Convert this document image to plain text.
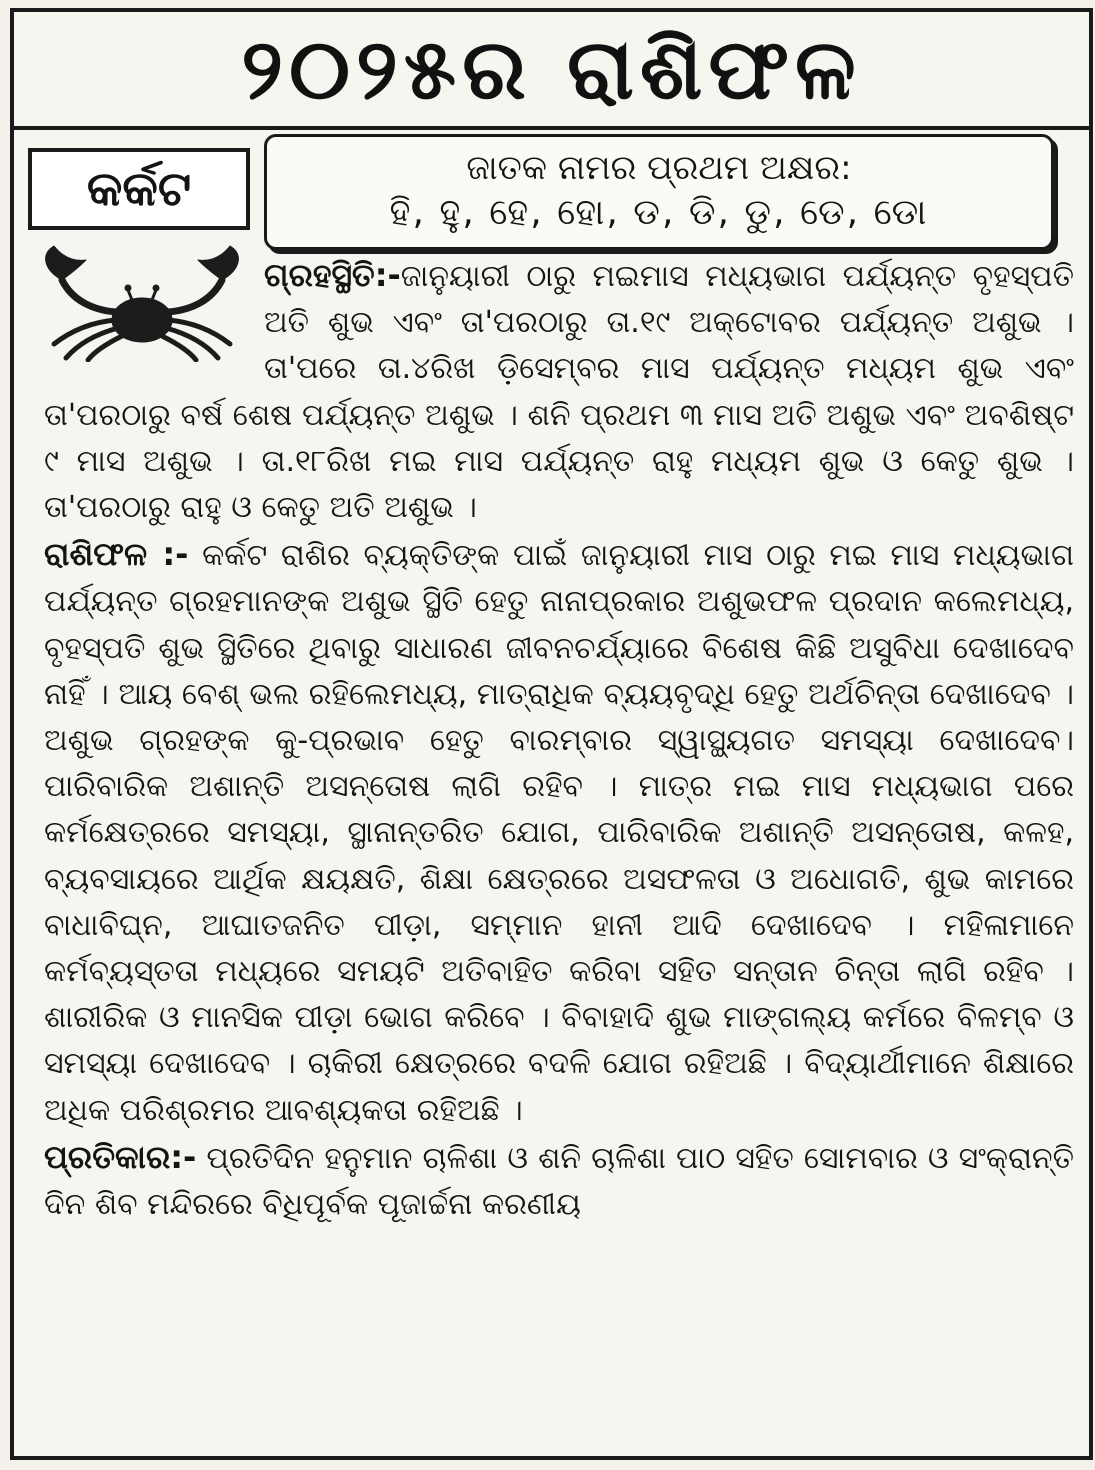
୨୦୨୫ର ରାଶିଫଳ
କର୍କଟ	ଜାତକ ନାମର ପ୍ରଥମ ଅକ୍ଷର:
ହି, ହୁ, ହେ, ହୋ, ଡ, ଡି, ଡୁ, ଡେ, ଡୋ

ଗ୍ରହସ୍ଥିତି:-ଜାନୁୟାରୀ ଠାରୁ ମଇମାସ ମଧ୍ୟଭାଗ ପର୍ଯ୍ୟନ୍ତ ବୃହସ୍ପତି ଅତି ଶୁଭ ଏବଂ ତା'ପରଠାରୁ ତା.୧୯ ଅକ୍ଟୋବର ପର୍ଯ୍ୟନ୍ତ ଅଶୁଭ । ତା'ପରେ ତା.୪ରିଖ ଡ଼ିସେମ୍ବର ମାସ ପର୍ଯ୍ୟନ୍ତ ମଧ୍ୟମ ଶୁଭ ଏବଂ ତା'ପରଠାରୁ ବର୍ଷ ଶେଷ ପର୍ଯ୍ୟନ୍ତ ଅଶୁଭ । ଶନି ପ୍ରଥମ ୩ ମାସ ଅତି ଅଶୁଭ ଏବଂ ଅବଶିଷ୍ଟ ୯ ମାସ ଅଶୁଭ । ତା.୧୮ରିଖ ମଇ ମାସ ପର୍ଯ୍ୟନ୍ତ ରାହୁ ମଧ୍ୟମ ଶୁଭ ଓ କେତୁ ଶୁଭ । ତା'ପରଠାରୁ ରାହୁ ଓ କେତୁ ଅତି ଅଶୁଭ ।

ରାଶିଫଳ :- କର୍କଟ ରାଶିର ବ୍ୟକ୍ତିଙ୍କ ପାଇଁ ଜାନୁୟାରୀ ମାସ ଠାରୁ ମଇ ମାସ ମଧ୍ୟଭାଗ ପର୍ଯ୍ୟନ୍ତ ଗ୍ରହମାନଙ୍କ ଅଶୁଭ ସ୍ଥିତି ହେତୁ ନାନାପ୍ରକାର ଅଶୁଭଫଳ ପ୍ରଦାନ କଲେମଧ୍ୟ, ବୃହସ୍ପତି ଶୁଭ ସ୍ଥିତିରେ ଥିବାରୁ ସାଧାରଣ ଜୀବନଚର୍ଯ୍ୟାରେ ବିଶେଷ କିଛି ଅସୁବିଧା ଦେଖାଦେବ ନାହିଁ । ଆୟ ବେଶ୍ ଭଲ ରହିଲେମଧ୍ୟ, ମାତ୍ରାଧିକ ବ୍ୟୟବୃଦ୍ଧି ହେତୁ ଅର୍ଥଚିନ୍ତା ଦେଖାଦେବ । ଅଶୁଭ ଗ୍ରହଙ୍କ କୁ-ପ୍ରଭାବ ହେତୁ ବାରମ୍ବାର ସ୍ୱାସ୍ଥ୍ୟଗତ ସମସ୍ୟା ଦେଖାଦେବ। ପାରିବାରିକ ଅଶାନ୍ତି ଅସନ୍ତୋଷ ଲାଗି ରହିବ । ମାତ୍ର ମଇ ମାସ ମଧ୍ୟଭାଗ ପରେ କର୍ମକ୍ଷେତ୍ରରେ ସମସ୍ୟା, ସ୍ଥାନାନ୍ତରିତ ଯୋଗ, ପାରିବାରିକ ଅଶାନ୍ତି ଅସନ୍ତୋଷ, କଳହ, ବ୍ୟବସାୟରେ ଆର୍ଥିକ କ୍ଷୟକ୍ଷତି, ଶିକ୍ଷା କ୍ଷେତ୍ରରେ ଅସଫଳତା ଓ ଅଧୋଗତି, ଶୁଭ କାମରେ ବାଧାବିଘ୍ନ, ଆଘାତଜନିତ ପୀଡ଼ା, ସମ୍ମାନ ହାନୀ ଆଦି ଦେଖାଦେବ । ମହିଳାମାନେ କର୍ମବ୍ୟସ୍ତତା ମଧ୍ୟରେ ସମୟଟି ଅତିବାହିତ କରିବା ସହିତ ସନ୍ତାନ ଚିନ୍ତା ଲାଗି ରହିବ । ଶାରୀରିକ ଓ ମାନସିକ ପୀଡ଼ା ଭୋଗ କରିବେ । ବିବାହାଦି ଶୁଭ ମାଙ୍ଗଲ୍ୟ କର୍ମରେ ବିଳମ୍ବ ଓ ସମସ୍ୟା ଦେଖାଦେବ । ଚାକିରୀ କ୍ଷେତ୍ରରେ ବଦଳି ଯୋଗ ରହିଅଛି । ବିଦ୍ୟାର୍ଥୀମାନେ ଶିକ୍ଷାରେ ଅଧିକ ପରିଶ୍ରମର ଆବଶ୍ୟକତା ରହିଅଛି ।

ପ୍ରତିକାର:- ପ୍ରତିଦିନ ହନୁମାନ ଚାଳିଶା ଓ ଶନି ଚାଳିଶା ପାଠ ସହିତ ସୋମବାର ଓ ସଂକ୍ରାନ୍ତି ଦିନ ଶିବ ମନ୍ଦିରରେ ବିଧିପୂର୍ବକ ପୂଜାର୍ଚ୍ଚନା କରଣୀୟ
